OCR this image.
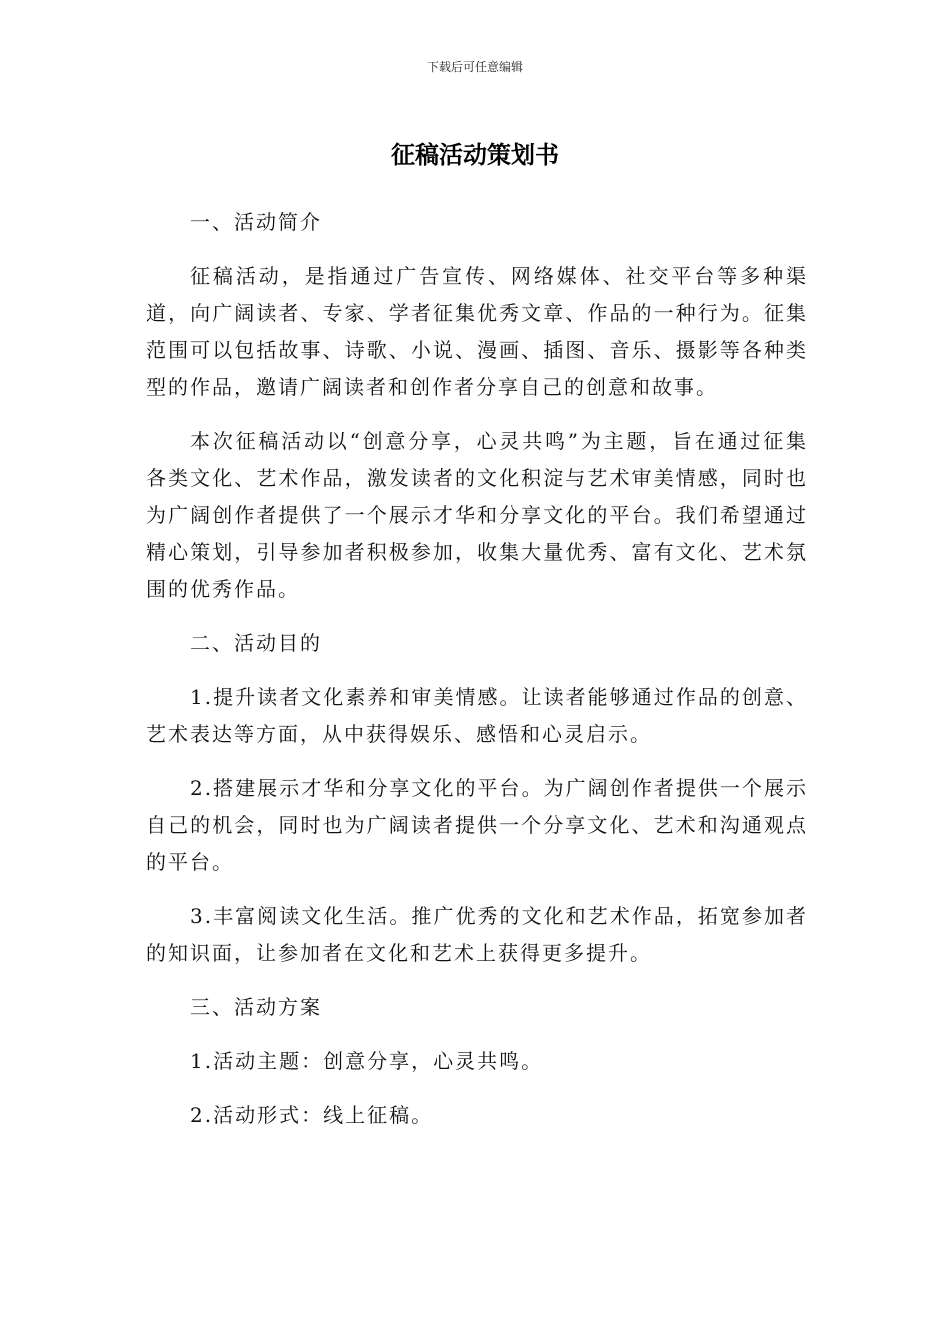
下载后可任意编辑
征稿活动策划书

一、活动简介

征稿活动，是指通过广告宣传、网络媒体、社交平台等多种渠道，向广阔读者、专家、学者征集优秀文章、作品的一种行为。征集范围可以包括故事、诗歌、小说、漫画、插图、音乐、摄影等各种类型的作品，邀请广阔读者和创作者分享自己的创意和故事。

本次征稿活动以“创意分享，心灵共鸣”为主题，旨在通过征集各类文化、艺术作品，激发读者的文化积淀与艺术审美情感，同时也为广阔创作者提供了一个展示才华和分享文化的平台。我们希望通过精心策划，引导参加者积极参加，收集大量优秀、富有文化、艺术氛围的优秀作品。

二、活动目的

1.提升读者文化素养和审美情感。让读者能够通过作品的创意、艺术表达等方面，从中获得娱乐、感悟和心灵启示。

2.搭建展示才华和分享文化的平台。为广阔创作者提供一个展示自己的机会，同时也为广阔读者提供一个分享文化、艺术和沟通观点的平台。

3.丰富阅读文化生活。推广优秀的文化和艺术作品，拓宽参加者的知识面，让参加者在文化和艺术上获得更多提升。

三、活动方案

1.活动主题：创意分享，心灵共鸣。

2.活动形式：线上征稿。
